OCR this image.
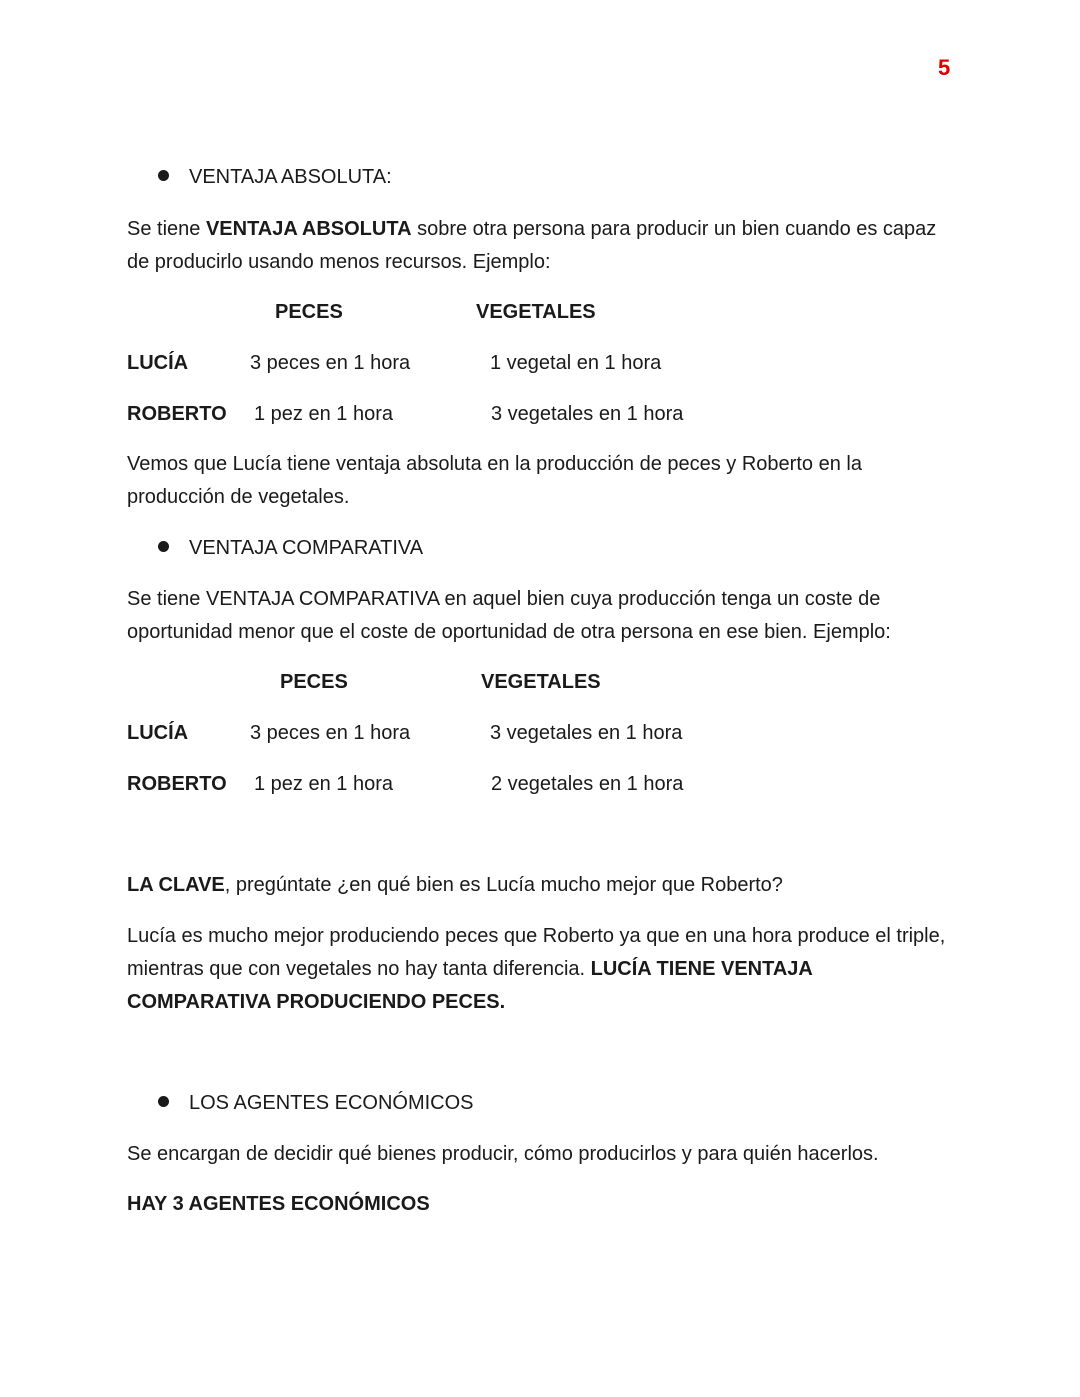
5
VENTAJA ABSOLUTA:
Se tiene VENTAJA ABSOLUTA sobre otra persona para producir un bien cuando es capaz de producirlo usando menos recursos. Ejemplo:
PECES	VEGETALES
LUCÍA	3 peces en 1 hora	1 vegetal en 1 hora
ROBERTO 1 pez en 1 hora	3 vegetales en 1 hora
Vemos que Lucía tiene ventaja absoluta en la producción de peces y Roberto en la producción de vegetales.
VENTAJA COMPARATIVA
Se tiene VENTAJA COMPARATIVA en aquel bien cuya producción tenga un coste de oportunidad menor que el coste de oportunidad de otra persona en ese bien. Ejemplo:
PECES	VEGETALES
LUCÍA	3 peces en 1 hora	3 vegetales en 1 hora
ROBERTO 1 pez en 1 hora	2 vegetales en 1 hora
LA CLAVE, pregúntate ¿en qué bien es Lucía mucho mejor que Roberto?
Lucía es mucho mejor produciendo peces que Roberto ya que en una hora produce el triple, mientras que con vegetales no hay tanta diferencia. LUCÍA TIENE VENTAJA COMPARATIVA PRODUCIENDO PECES.
LOS AGENTES ECONÓMICOS
Se encargan de decidir qué bienes producir, cómo producirlos y para quién hacerlos.
HAY 3 AGENTES ECONÓMICOS
